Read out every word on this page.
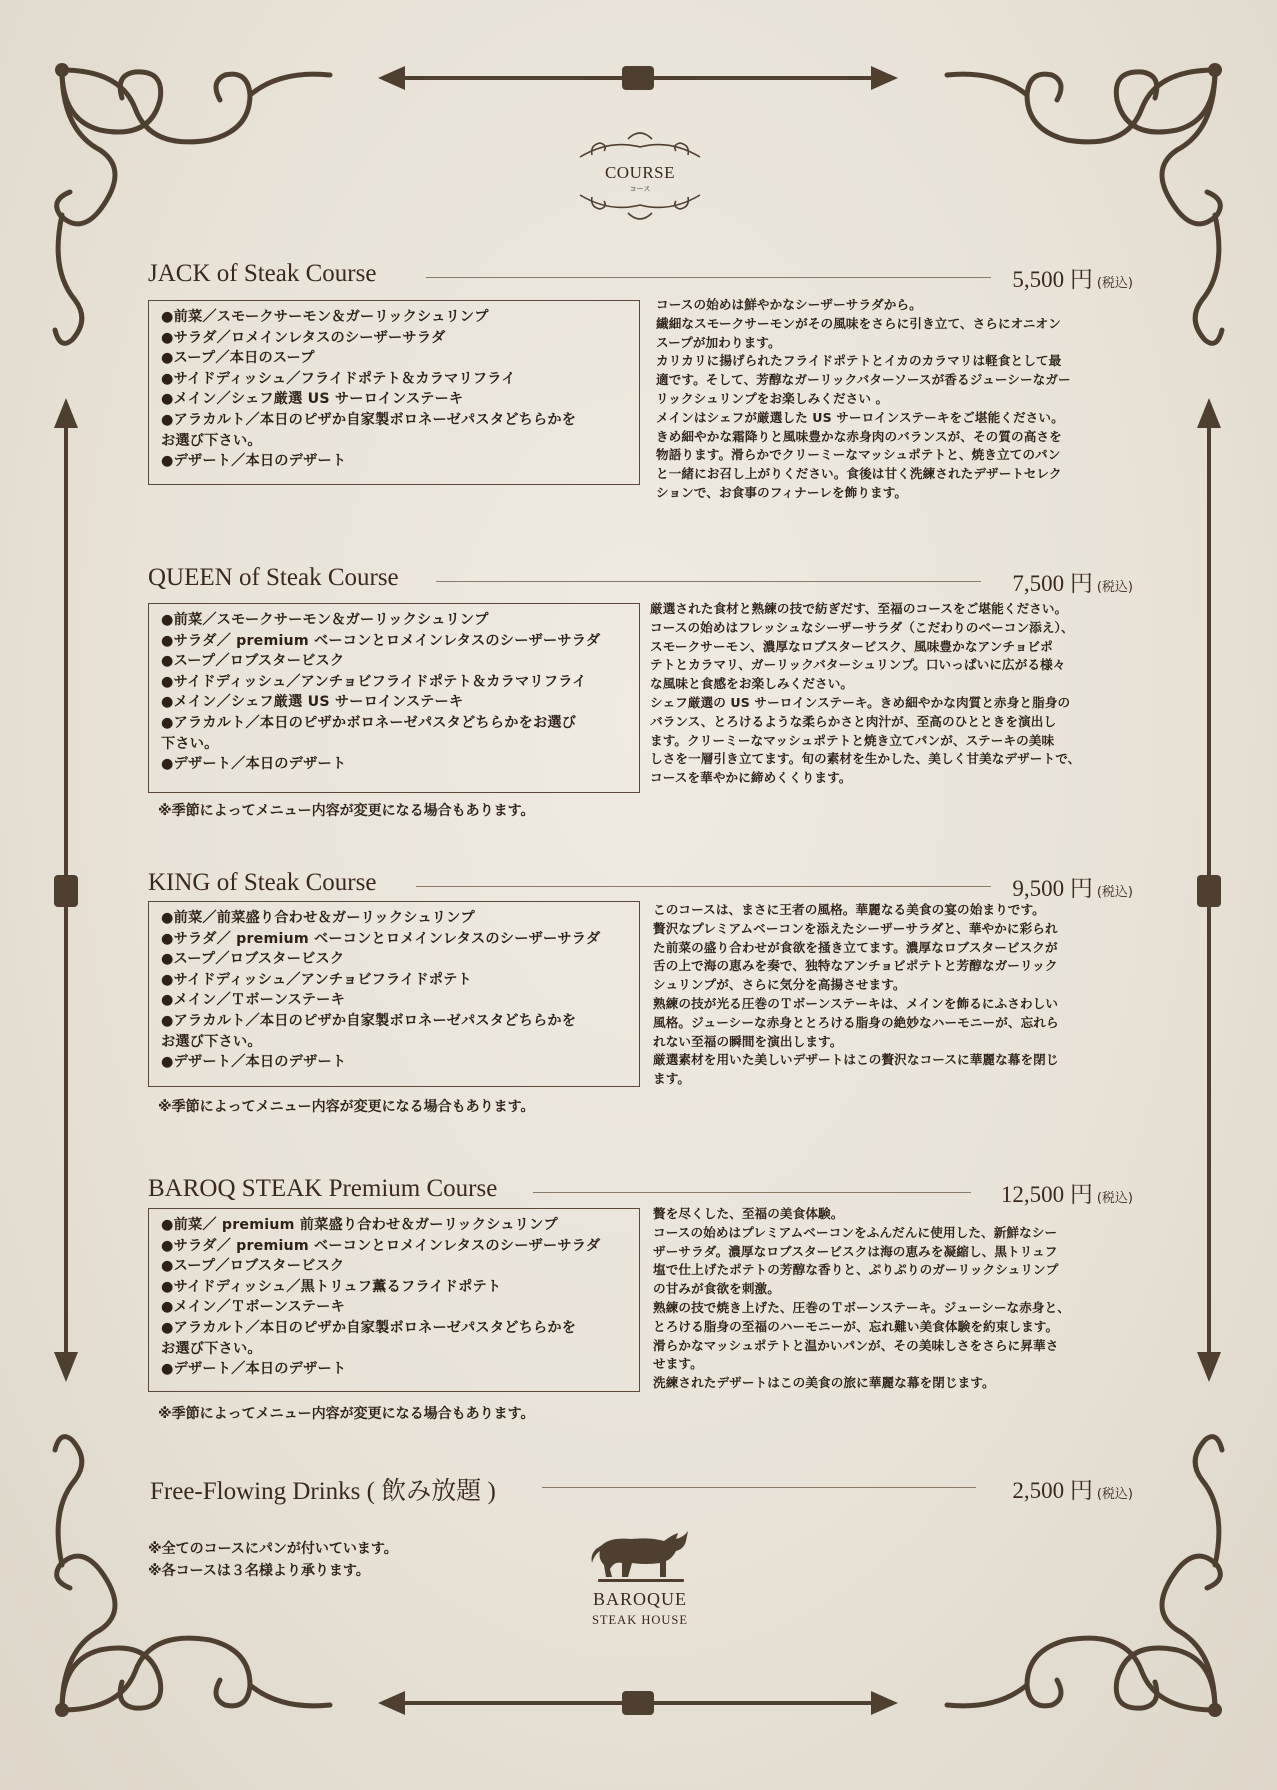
COURSE
コース
JACK of Steak Course	5,500 円 (税込)
●前菜／スモークサーモン＆ガーリックシュリンプ
●サラダ／ロメインレタスのシーザーサラダ
●スープ／本日のスープ
●サイドディッシュ／フライドポテト＆カラマリフライ
●メイン／シェフ厳選 US サーロインステーキ
●アラカルト／本日のピザか自家製ボロネーゼパスタどちらかを
お選び下さい。
●デザート／本日のデザート
コースの始めは鮮やかなシーザーサラダから。
繊細なスモークサーモンがその風味をさらに引き立て、さらにオニオン
スープが加わります。
カリカリに揚げられたフライドポテトとイカのカラマリは軽食として最
適です。そして、芳醇なガーリックバターソースが香るジューシーなガー
リックシュリンプをお楽しみください 。
メインはシェフが厳選した US サーロインステーキをご堪能ください。
きめ細やかな霜降りと風味豊かな赤身肉のバランスが、その質の高さを
物語ります。滑らかでクリーミーなマッシュポテトと、焼き立てのパン
と一緒にお召し上がりください。食後は甘く洗練されたデザートセレク
ションで、お食事のフィナーレを飾ります。
QUEEN of Steak Course	7,500 円 (税込)
●前菜／スモークサーモン＆ガーリックシュリンプ
●サラダ／ premium ベーコンとロメインレタスのシーザーサラダ
●スープ／ロブスタービスク
●サイドディッシュ／アンチョビフライドポテト＆カラマリフライ
●メイン／シェフ厳選 US サーロインステーキ
●アラカルト／本日のピザかボロネーゼパスタどちらかをお選び
下さい。
●デザート／本日のデザート
厳選された食材と熟練の技で紡ぎだす、至福のコースをご堪能ください。
コースの始めはフレッシュなシーザーサラダ（こだわりのベーコン添え）、
スモークサーモン、濃厚なロブスタービスク、風味豊かなアンチョビポ
テトとカラマリ、ガーリックバターシュリンプ。口いっぱいに広がる様々
な風味と食感をお楽しみください。
シェフ厳選の US サーロインステーキ。きめ細やかな肉質と赤身と脂身の
バランス、とろけるような柔らかさと肉汁が、至高のひとときを演出し
ます。クリーミーなマッシュポテトと焼き立てパンが、ステーキの美味
しさを一層引き立てます。旬の素材を生かした、美しく甘美なデザートで、
コースを華やかに締めくくります。
※季節によってメニュー内容が変更になる場合もあります。
KING of Steak Course	9,500 円 (税込)
●前菜／前菜盛り合わせ＆ガーリックシュリンプ
●サラダ／ premium ベーコンとロメインレタスのシーザーサラダ
●スープ／ロブスタービスク
●サイドディッシュ／アンチョビフライドポテト
●メイン／Ｔボーンステーキ
●アラカルト／本日のピザか自家製ボロネーゼパスタどちらかを
お選び下さい。
●デザート／本日のデザート
このコースは、まさに王者の風格。華麗なる美食の宴の始まりです。
贅沢なプレミアムベーコンを添えたシーザーサラダと、華やかに彩られ
た前菜の盛り合わせが食欲を掻き立てます。濃厚なロブスタービスクが
舌の上で海の恵みを奏で、独特なアンチョビポテトと芳醇なガーリック
シュリンプが、さらに気分を高揚させます。
熟練の技が光る圧巻のＴボーンステーキは、メインを飾るにふさわしい
風格。ジューシーな赤身ととろける脂身の絶妙なハーモニーが、忘れら
れない至福の瞬間を演出します。
厳選素材を用いた美しいデザートはこの贅沢なコースに華麗な幕を閉じ
ます。
※季節によってメニュー内容が変更になる場合もあります。
BAROQ STEAK Premium Course	12,500 円 (税込)
●前菜／ premium 前菜盛り合わせ＆ガーリックシュリンプ
●サラダ／ premium ベーコンとロメインレタスのシーザーサラダ
●スープ／ロブスタービスク
●サイドディッシュ／黒トリュフ薫るフライドポテト
●メイン／Ｔボーンステーキ
●アラカルト／本日のピザか自家製ボロネーゼパスタどちらかを
お選び下さい。
●デザート／本日のデザート
贅を尽くした、至福の美食体験。
コースの始めはプレミアムベーコンをふんだんに使用した、新鮮なシー
ザーサラダ。濃厚なロブスタービスクは海の恵みを凝縮し、黒トリュフ
塩で仕上げたポテトの芳醇な香りと、ぷりぷりのガーリックシュリンプ
の甘みが食欲を刺激。
熟練の技で焼き上げた、圧巻のＴボーンステーキ。ジューシーな赤身と、
とろける脂身の至福のハーモニーが、忘れ難い美食体験を約束します。
滑らかなマッシュポテトと温かいパンが、その美味しさをさらに昇華さ
せます。
洗練されたデザートはこの美食の旅に華麗な幕を閉じます。
※季節によってメニュー内容が変更になる場合もあります。
Free-Flowing Drinks ( 飲み放題 )	2,500 円 (税込)
※全てのコースにパンが付いています。
※各コースは３名様より承ります。
BAROQUE
STEAK HOUSE
